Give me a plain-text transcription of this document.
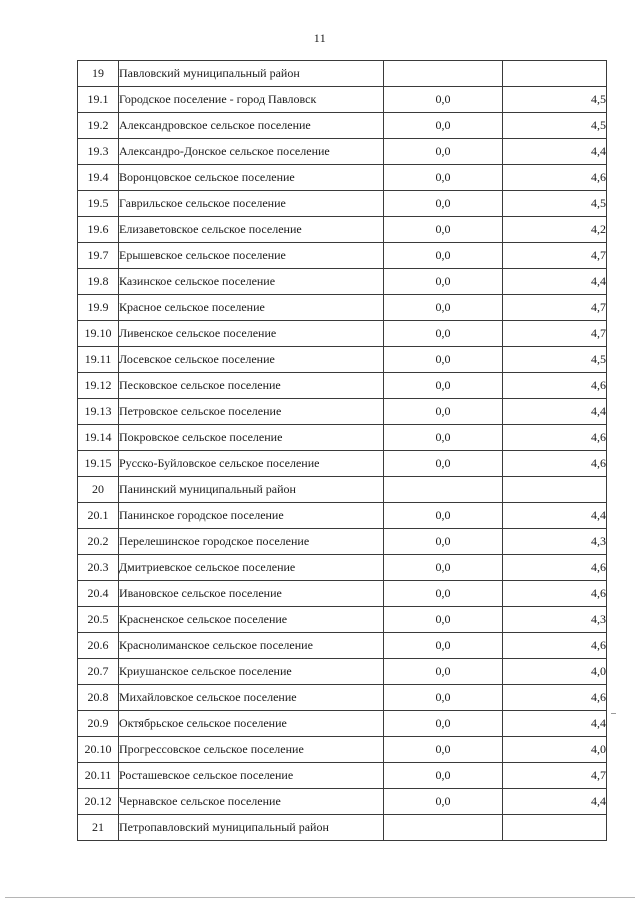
11
19	Павловский муниципальный район		
19.1	Городское поселение - город Павловск	0,0	4,5
19.2	Александровское сельское поселение	0,0	4,5
19.3	Александро-Донское сельское поселение	0,0	4,4
19.4	Воронцовское сельское поселение	0,0	4,6
19.5	Гаврильское сельское поселение	0,0	4,5
19.6	Елизаветовское сельское поселение	0,0	4,2
19.7	Ерышевское сельское поселение	0,0	4,7
19.8	Казинское сельское поселение	0,0	4,4
19.9	Красное сельское поселение	0,0	4,7
19.10	Ливенское сельское поселение	0,0	4,7
19.11	Лосевское сельское поселение	0,0	4,5
19.12	Песковское сельское поселение	0,0	4,6
19.13	Петровское сельское поселение	0,0	4,4
19.14	Покровское сельское поселение	0,0	4,6
19.15	Русско-Буйловское сельское поселение	0,0	4,6
20	Панинский муниципальный район		
20.1	Панинское городское поселение	0,0	4,4
20.2	Перелешинское городское поселение	0,0	4,3
20.3	Дмитриевское сельское поселение	0,0	4,6
20.4	Ивановское сельское поселение	0,0	4,6
20.5	Красненское сельское поселение	0,0	4,3
20.6	Краснолиманское сельское поселение	0,0	4,6
20.7	Криушанское сельское поселение	0,0	4,0
20.8	Михайловское сельское поселение	0,0	4,6
20.9	Октябрьское сельское поселение	0,0	4,4
20.10	Прогрессовское сельское поселение	0,0	4,0
20.11	Росташевское сельское поселение	0,0	4,7
20.12	Чернавское сельское поселение	0,0	4,4
21	Петропавловский муниципальный район		
